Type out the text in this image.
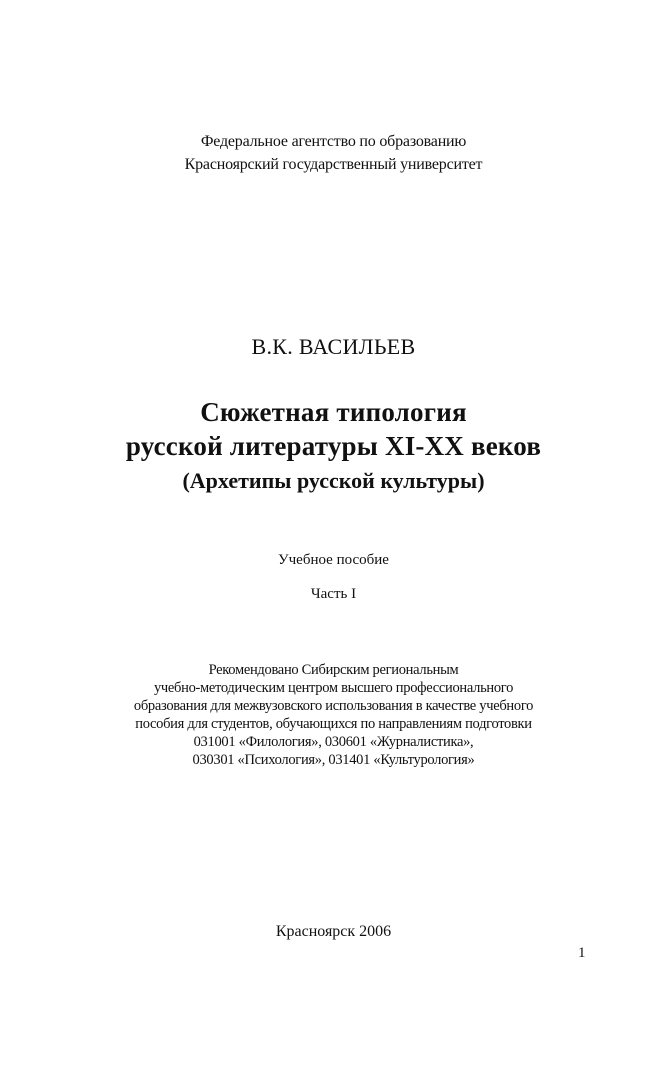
Федеральное агентство по образованию
Красноярский государственный университет
В.К. ВАСИЛЬЕВ
Сюжетная типология
русской литературы XI-XX веков
(Архетипы русской культуры)
Учебное пособие
Часть I
Рекомендовано Сибирским региональным
учебно-методическим центром высшего профессионального
образования для межвузовского использования в качестве учебного
пособия для студентов, обучающихся по направлениям подготовки
031001 «Филология», 030601 «Журналистика»,
030301 «Психология», 031401 «Культурология»
Красноярск 2006
1
